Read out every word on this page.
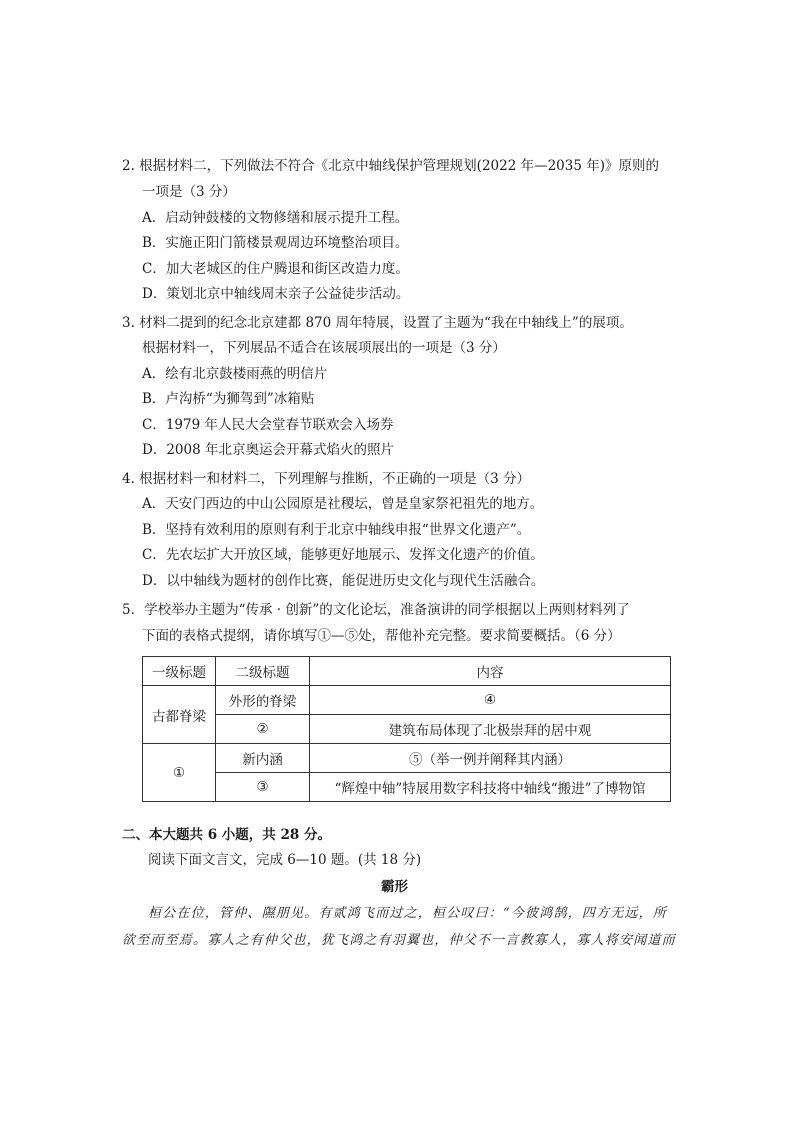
2. 根据材料二，下列做法不符合《北京中轴线保护管理规划(2022 年—2035 年)》原则的
一项是（3 分）
A．启动钟鼓楼的文物修缮和展示提升工程。
B．实施正阳门箭楼景观周边环境整治项目。
C．加大老城区的住户腾退和街区改造力度。
D．策划北京中轴线周末亲子公益徒步活动。
3. 材料二提到的纪念北京建都 870 周年特展，设置了主题为“我在中轴线上”的展项。
根据材料一，下列展品不适合在该展项展出的一项是（3 分）
A．绘有北京鼓楼雨燕的明信片
B．卢沟桥“为狮驾到”冰箱贴
C．1979 年人民大会堂春节联欢会入场券
D．2008 年北京奥运会开幕式焰火的照片
4. 根据材料一和材料二，下列理解与推断，不正确的一项是（3 分）
A．天安门西边的中山公园原是社稷坛，曾是皇家祭祀祖先的地方。
B．坚持有效利用的原则有利于北京中轴线申报“世界文化遗产”。
C．先农坛扩大开放区域，能够更好地展示、发挥文化遗产的价值。
D．以中轴线为题材的创作比赛，能促进历史文化与现代生活融合。
5．学校举办主题为“传承 · 创新”的文化论坛，准备演讲的同学根据以上两则材料列了
下面的表格式提纲，请你填写①—⑤处，帮他补充完整。要求简要概括。（6 分）
一级标题	二级标题	内容
古都脊梁	外形的脊梁	④
	②	建筑布局体现了北极崇拜的居中观
①	新内涵	⑤（举一例并阐释其内涵）
	③	“辉煌中轴”特展用数字科技将中轴线“搬进”了博物馆
二、本大题共 6 小题，共 28 分。
阅读下面文言文，完成 6—10 题。(共 18 分)
霸形
桓公在位，管仲、隰朋见。有贰鸿飞而过之，桓公叹曰：“今彼鸿鹄，四方无远，所
欲至而至焉。寡人之有仲父也，犹飞鸿之有羽翼也，仲父不一言教寡人，寡人将安闻道而
